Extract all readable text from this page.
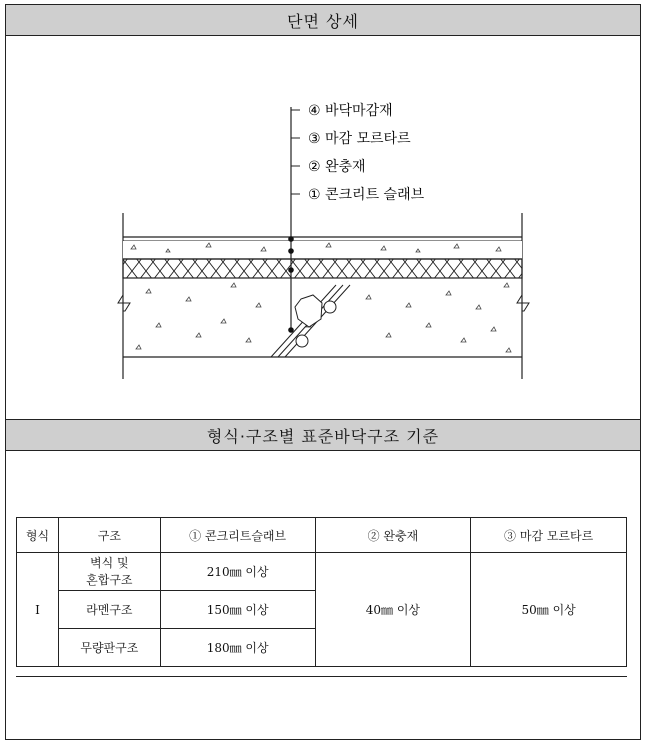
단면 상세
④ 바닥마감재
③ 마감 모르타르
② 완충재
① 콘크리트 슬래브
형식·구조별 표준바닥구조 기준
형식	구조	① 콘크리트슬래브	② 완충재	③ 마감 모르타르
I	벽식 및
혼합구조	210㎜ 이상	40㎜ 이상	50㎜ 이상
	라멘구조	150㎜ 이상		
	무량판구조	180㎜ 이상		
